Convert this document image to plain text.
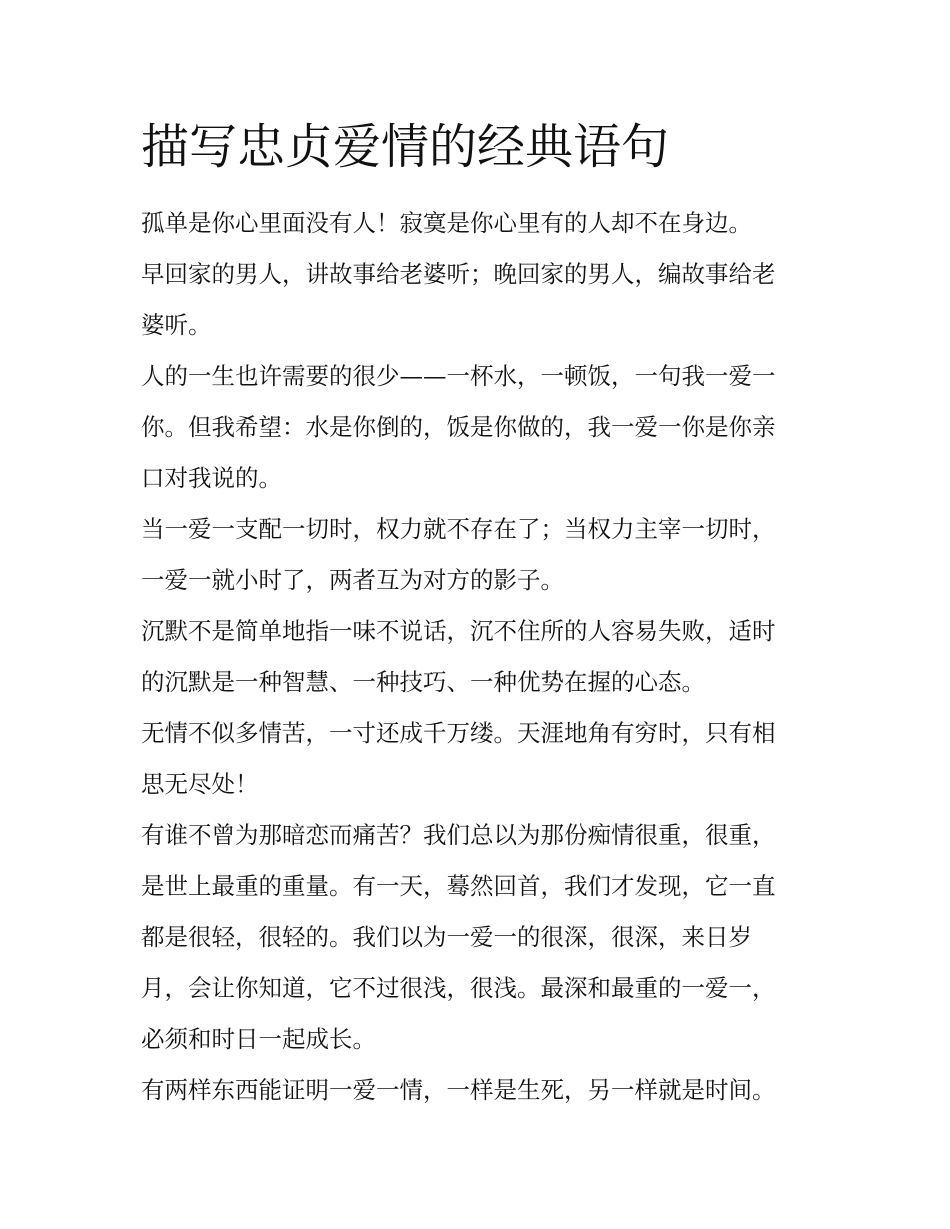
描写忠贞爱情的经典语句

孤单是你心里面没有人！寂寞是你心里有的人却不在身边。

早回家的男人，讲故事给老婆听；晚回家的男人，编故事给老
婆听。

人的一生也许需要的很少——一杯水，一顿饭，一句我一爱一
你。但我希望：水是你倒的，饭是你做的，我一爱一你是你亲
口对我说的。

当一爱一支配一切时，权力就不存在了；当权力主宰一切时，
一爱一就小时了，两者互为对方的影子。

沉默不是简单地指一味不说话，沉不住所的人容易失败，适时
的沉默是一种智慧、一种技巧、一种优势在握的心态。

无情不似多情苦，一寸还成千万缕。天涯地角有穷时，只有相
思无尽处！

有谁不曾为那暗恋而痛苦？我们总以为那份痴情很重，很重，
是世上最重的重量。有一天，蓦然回首，我们才发现，它一直
都是很轻，很轻的。我们以为一爱一的很深，很深，来日岁
月，会让你知道，它不过很浅，很浅。最深和最重的一爱一，
必须和时日一起成长。

有两样东西能证明一爱一情，一样是生死，另一样就是时间。
